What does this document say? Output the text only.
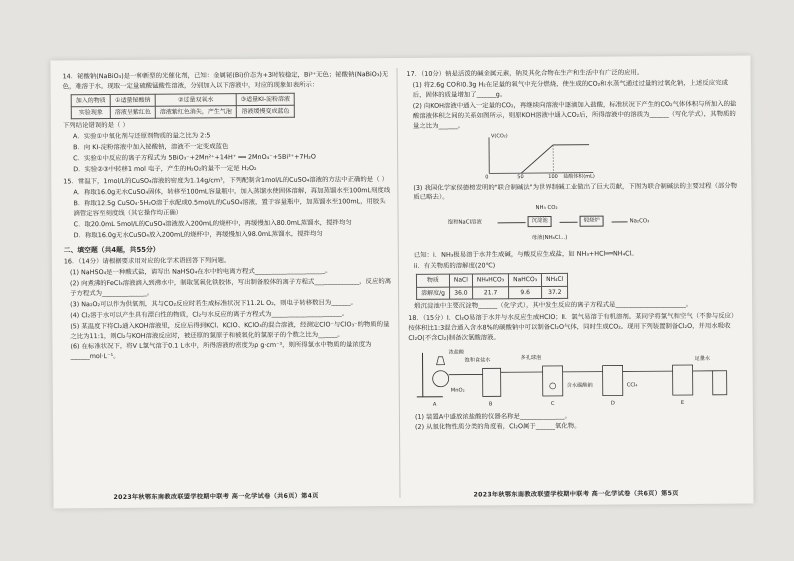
14．铋酸钠(NaBiO₃)是一种新型的光催化剂，已知：金属铋(Bi)价态为+3时较稳定，Bi³⁺无色；铋酸钠(NaBiO₃)无色，难溶于水。现取一定量硫酸锰酸性溶液，分别加入以下溶液中，对应的现象如表所示：
加入的物质	①适量铋酸钠	②过量双氧水	③适量KI-淀粉溶液
实验现象	溶液呈紫红色	溶液紫红色消失，产生气泡	溶液缓慢变成蓝色
下列结论错误的是（ ）
A．实验①中氧化剂与还原剂物质的量之比为 2:5
B．向 KI-淀粉溶液中加入铋酸钠，溶液不一定变成蓝色
C．实验①中反应的离子方程式为 5BiO₃⁻+2Mn²⁺+14H⁺ ══ 2MnO₄⁻+5Bi³⁺+7H₂O
D．实验②③中转移1 mol 电子，产生的H₂O₂的量不一定是 H₂O₂
15．常温下，1mol/L的CuSO₄溶液的密度为1.14g/cm³，下列配制含1mol/L的CuSO₄溶液的方法中正确的是（ ）
A．称取16.0g无水CuSO₄固体，转移至100mL容量瓶中，加入蒸馏水使固体溶解，再加蒸馏水至100mL刻度线
B．称取12.5g CuSO₄·5H₂O溶于水配成0.5mol/L的CuSO₄溶液，置于容量瓶中，加蒸馏水至100mL，用胶头滴管定容至刻度线（其它操作均正确）
C．取20.0mL 5mol/L的CuSO₄溶液放入200mL的烧杯中，再缓慢加入80.0mL蒸馏水，搅拌均匀
D．称取16.0g无水CuSO₄放入200mL的烧杯中，再缓慢加入98.0mL蒸馏水，搅拌均匀
二、填空题（共4题，共55分）
16．（14分）请根据要求用对应的化学术语回答下列问题。
(1) NaHSO₄是一种酸式盐，请写出 NaHSO₄在水中的电离方程式______________________。
(2) 向煮沸的FeCl₃溶液滴入到沸水中，制取氢氧化铁胶体，写出制备胶体的离子方程式______________，反应的离子方程式为______________。
(3) Na₂O₂可以作为供氧剂，其与CO₂反应时若生成标准状况下11.2L O₂，则电子转移数目为______。
(4) Cl₂溶于水可以产生具有漂白性的物质，Cl₂与水反应的离子方程式为______________________。
(5) 某温度下将Cl₂通入KOH溶液里，反应后得到KCl、KClO、KClO₃的混合溶液，经测定ClO⁻与ClO₃⁻的物质的量之比为11:1，则Cl₂与KOH溶液反应时，被还原的氯原子和被氧化的氯原子的个数之比为______。
(6) 在标准状况下，将V L氯气溶于0.1 L水中，所得溶液的密度为ρ g·cm⁻³，则所得氯水中物质的量浓度为______mol·L⁻¹。
17．（10分）钠是活泼的碱金属元素，钠及其化合物在生产和生活中有广泛的应用。
(1) 将2.6g CO和0.3g H₂在足量的氧气中充分燃烧，使生成的CO₂和水蒸气通过过量的过氧化钠，上述反应完成后，固体的质量增加了______g。
(2) 向KOH溶液中通入一定量的CO₂，再继续向溶液中逐滴加入盐酸，标准状况下产生的CO₂气体体积与所加入的盐酸溶液体积之间的关系如图所示，则原KOH溶液中通入CO₂后，所得溶液中的溶质为______（写化学式），其物质的量之比为______。
V(CO₂)
0	50	100 盐酸体积(mL)
(3) 我国化学家侯德榜发明的"联合制碱法"为世界制碱工业做出了巨大贡献，下图为联合制碱法的主要过程（部分物质已略去）。
NH₃ CO₂
饱和NaCl溶液	沉淀池	煅烧炉	Na₂CO₃
母液(NH₄Cl...)
已知：i．NH₃极易溶于水并生成碱，与酸反应生成盐，如 NH₃+HCl══NH₄Cl。
ii．有关物质的溶解度(20℃)
物质	NaCl	NH₄HCO₃	NaHCO₃	NH₄Cl
溶解度/g	36.0	21.7	9.6	37.2
煅沉淀池中主要沉淀物______（化学式），其中发生反应的离子方程式是______________________。
18．（15分）Ⅰ．Cl₂O易溶于水并与水反应生成HClO；Ⅱ．氯气易溶于有机溶剂。某同学将氯气和空气（不参与反应）按体积比1:3混合通入含水8%的碳酸钠中可以制备Cl₂O气体，同时生成CO₂。现用下列装置制备Cl₂O，并用水吸收Cl₂O(不含Cl₂)制备次氯酸溶液。
A	B	C	D	E
浓盐酸
MnO₂
多孔球泡
饱和食盐水
含水碳酸钠	CCl₄
足量水
(1) 装置A中盛放浓盐酸的仪器名称是______________。
(2) 从氧化物性质分类的角度看，Cl₂O属于______氧化物。
2023年秋鄂东南教改联盟学校期中联考 高一化学试卷（共6页）第4页	2023年秋鄂东南教改联盟学校期中联考 高一化学试卷（共6页）第5页
